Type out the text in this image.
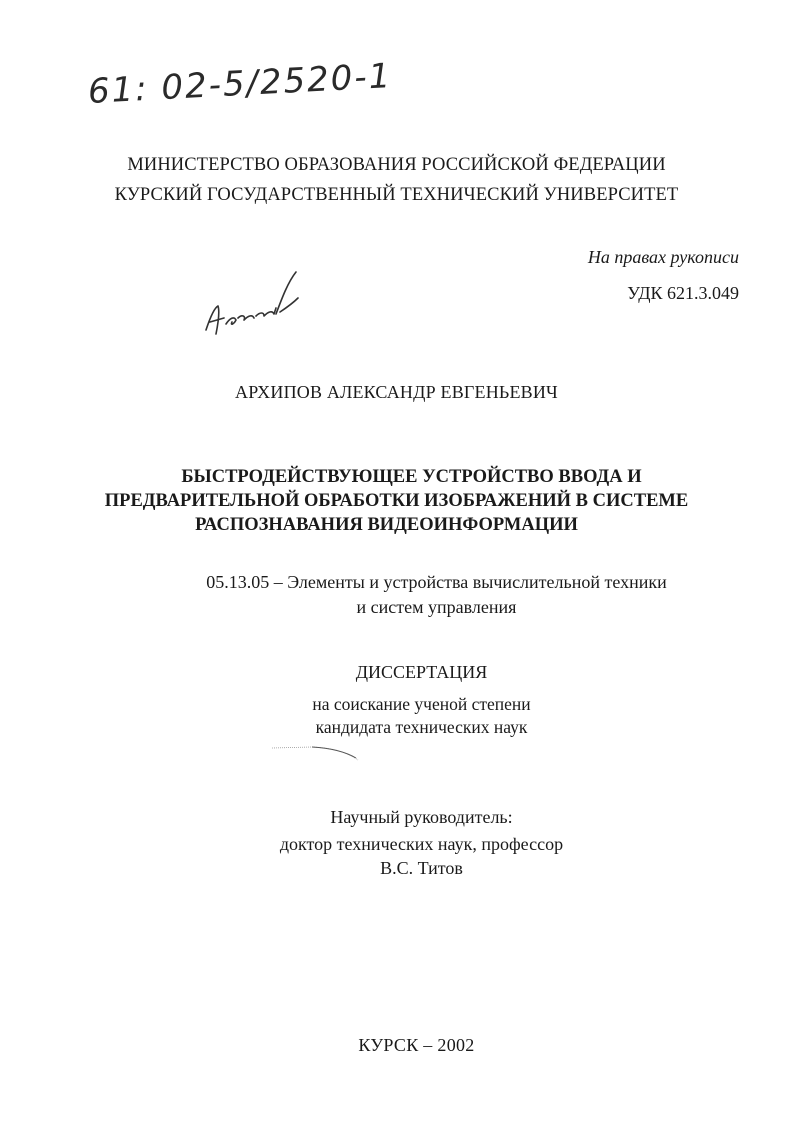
61: 02-5/2520-1
МИНИСТЕРСТВО ОБРАЗОВАНИЯ РОССИЙСКОЙ ФЕДЕРАЦИИ
КУРСКИЙ ГОСУДАРСТВЕННЫЙ ТЕХНИЧЕСКИЙ УНИВЕРСИТЕТ
На правах рукописи
УДК 621.3.049
Архипов
АРХИПОВ АЛЕКСАНДР ЕВГЕНЬЕВИЧ
БЫСТРОДЕЙСТВУЮЩЕЕ УСТРОЙСТВО ВВОДА И
ПРЕДВАРИТЕЛЬНОЙ ОБРАБОТКИ ИЗОБРАЖЕНИЙ В СИСТЕМЕ
РАСПОЗНАВАНИЯ ВИДЕОИНФОРМАЦИИ
05.13.05 – Элементы и устройства вычислительной техники
и систем управления
ДИССЕРТАЦИЯ
на соискание ученой степени
кандидата технических наук
Научный руководитель:
доктор технических наук, профессор
В.С. Титов
КУРСК – 2002
